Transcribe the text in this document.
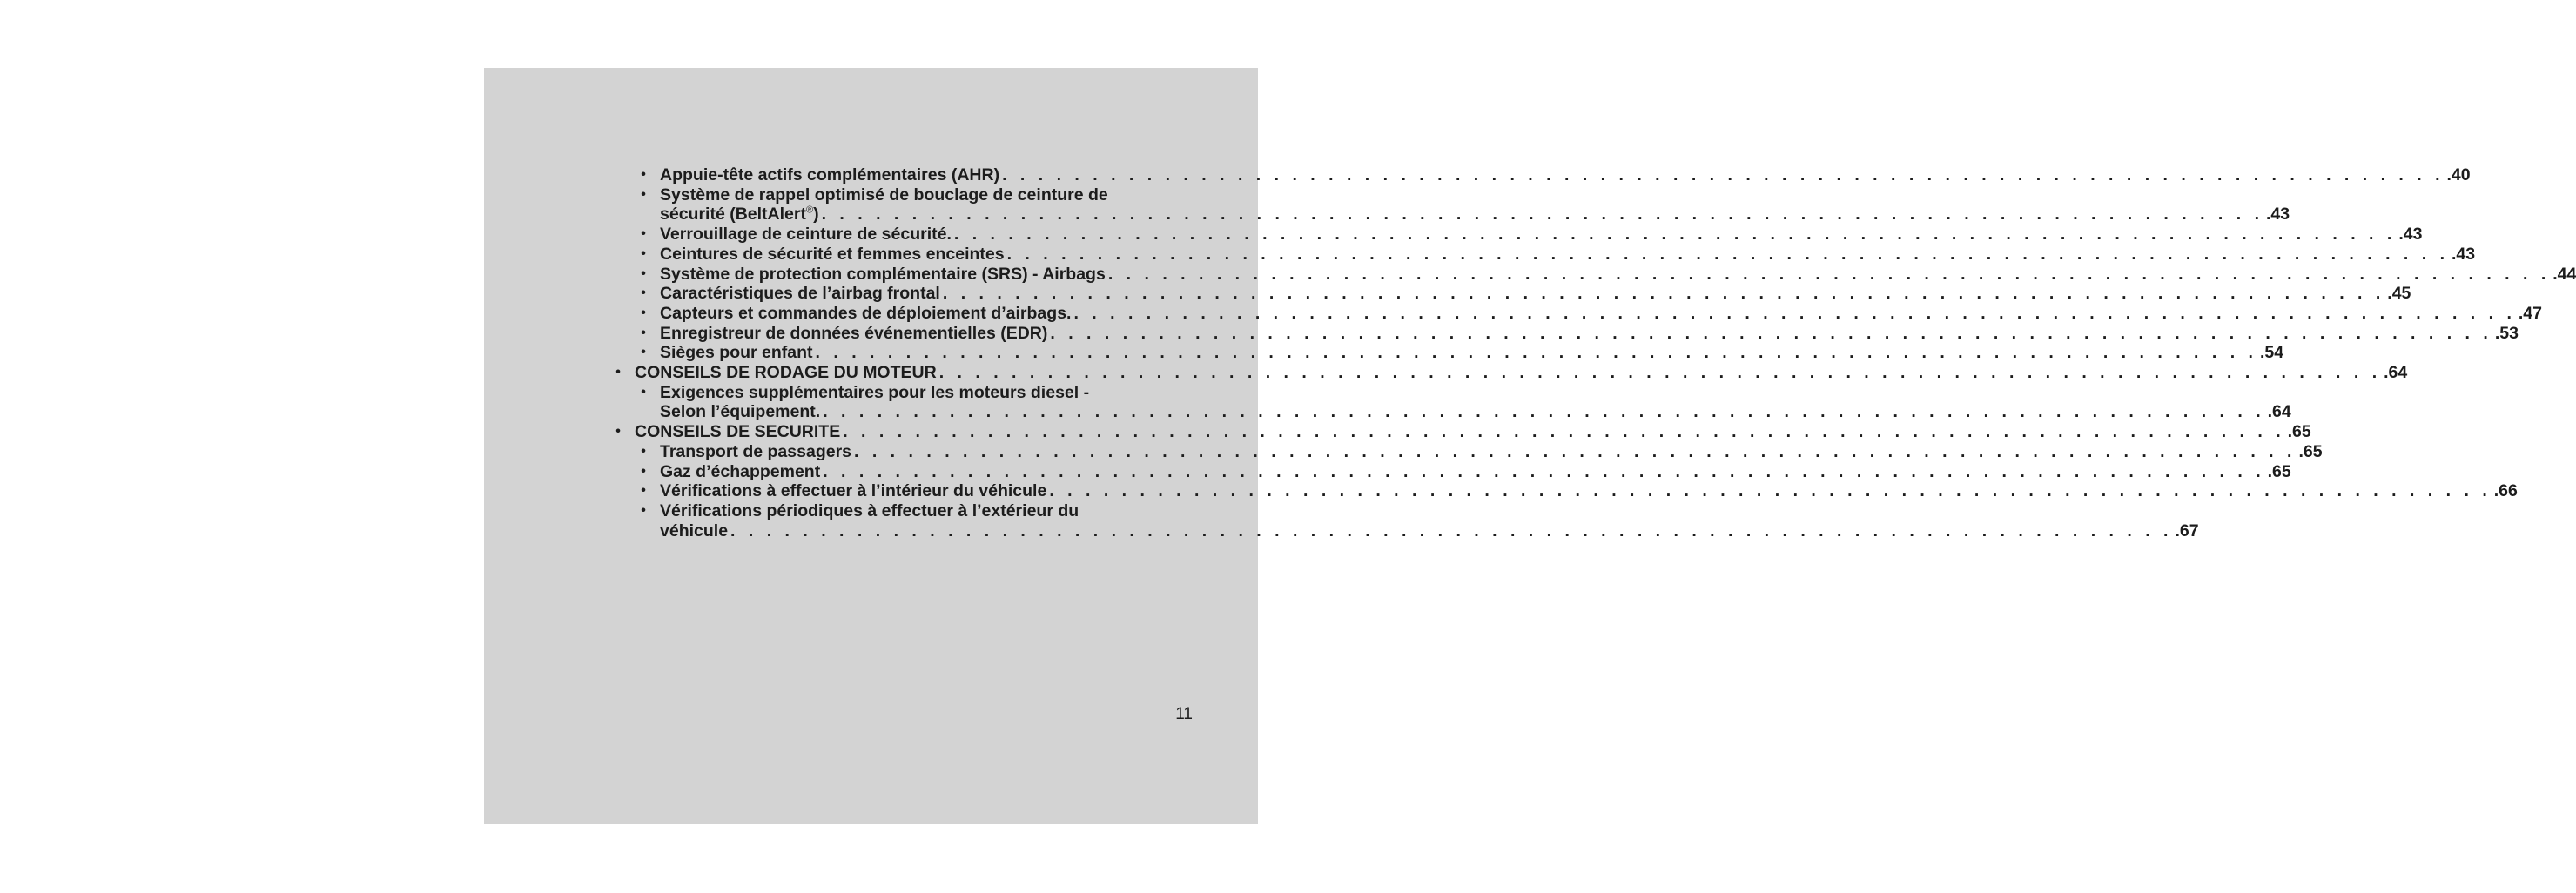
• Appuie-tête actifs complémentaires (AHR) . . . . . . . . . . . . . . . . . . . . . . . . . . . . . . . . . . . . . . . . . . . . . . . . . . . . . . . . . . . . . . . . . . . . . . . . . . . . . . . . .40
• Système de rappel optimisé de bouclage de ceinture de
sécurité (BeltAlert®) . . . . . . . . . . . . . . . . . . . . . . . . . . . . . . . . . . . . . . . . . . . . . . . . . . . . . . . . . . . . . . . . . . . . . . . . . . . . . . . . .43
• Verrouillage de ceinture de sécurité. . . . . . . . . . . . . . . . . . . . . . . . . . . . . . . . . . . . . . . . . . . . . . . . . . . . . . . . . . . . . . . . . . . . . . . . . . . . . . . . . .43
• Ceintures de sécurité et femmes enceintes . . . . . . . . . . . . . . . . . . . . . . . . . . . . . . . . . . . . . . . . . . . . . . . . . . . . . . . . . . . . . . . . . . . . . . . . . . . . . . . . .43
• Système de protection complémentaire (SRS) - Airbags . . . . . . . . . . . . . . . . . . . . . . . . . . . . . . . . . . . . . . . . . . . . . . . . . . . . . . . . . . . . . . . . . . . . . . . . . . . . . . . . .44
• Caractéristiques de l’airbag frontal . . . . . . . . . . . . . . . . . . . . . . . . . . . . . . . . . . . . . . . . . . . . . . . . . . . . . . . . . . . . . . . . . . . . . . . . . . . . . . . . .45
• Capteurs et commandes de déploiement d’airbags. . . . . . . . . . . . . . . . . . . . . . . . . . . . . . . . . . . . . . . . . . . . . . . . . . . . . . . . . . . . . . . . . . . . . . . . . . . . . . . . . .47
• Enregistreur de données événementielles (EDR) . . . . . . . . . . . . . . . . . . . . . . . . . . . . . . . . . . . . . . . . . . . . . . . . . . . . . . . . . . . . . . . . . . . . . . . . . . . . . . . . .53
• Sièges pour enfant . . . . . . . . . . . . . . . . . . . . . . . . . . . . . . . . . . . . . . . . . . . . . . . . . . . . . . . . . . . . . . . . . . . . . . . . . . . . . . . . .54
• CONSEILS DE RODAGE DU MOTEUR . . . . . . . . . . . . . . . . . . . . . . . . . . . . . . . . . . . . . . . . . . . . . . . . . . . . . . . . . . . . . . . . . . . . . . . . . . . . . . . . .64
• Exigences supplémentaires pour les moteurs diesel -
Selon l’équipement. . . . . . . . . . . . . . . . . . . . . . . . . . . . . . . . . . . . . . . . . . . . . . . . . . . . . . . . . . . . . . . . . . . . . . . . . . . . . . . . . .64
• CONSEILS DE SECURITE . . . . . . . . . . . . . . . . . . . . . . . . . . . . . . . . . . . . . . . . . . . . . . . . . . . . . . . . . . . . . . . . . . . . . . . . . . . . . . . . .65
• Transport de passagers . . . . . . . . . . . . . . . . . . . . . . . . . . . . . . . . . . . . . . . . . . . . . . . . . . . . . . . . . . . . . . . . . . . . . . . . . . . . . . . . .65
• Gaz d’échappement . . . . . . . . . . . . . . . . . . . . . . . . . . . . . . . . . . . . . . . . . . . . . . . . . . . . . . . . . . . . . . . . . . . . . . . . . . . . . . . . .65
• Vérifications à effectuer à l’intérieur du véhicule . . . . . . . . . . . . . . . . . . . . . . . . . . . . . . . . . . . . . . . . . . . . . . . . . . . . . . . . . . . . . . . . . . . . . . . . . . . . . . . . .66
• Vérifications périodiques à effectuer à l’extérieur du
véhicule . . . . . . . . . . . . . . . . . . . . . . . . . . . . . . . . . . . . . . . . . . . . . . . . . . . . . . . . . . . . . . . . . . . . . . . . . . . . . . . . .67
11
